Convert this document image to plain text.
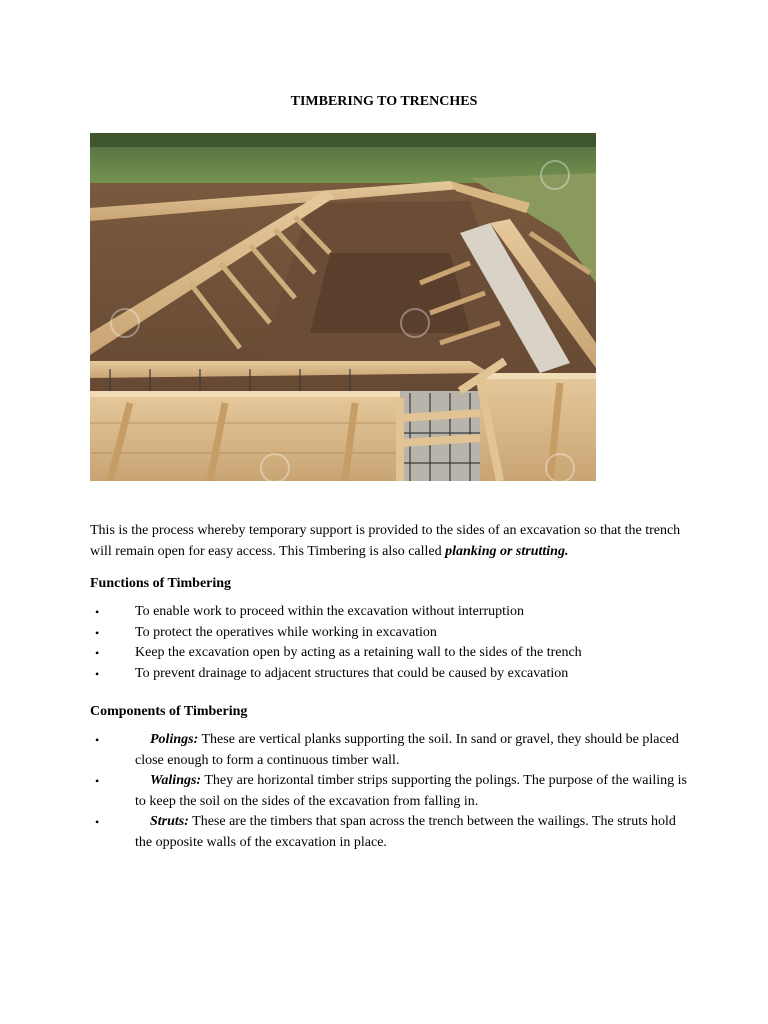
TIMBERING TO TRENCHES
This is the process whereby temporary support is provided to the sides of an excavation so that the trench will remain open for easy access. This Timbering is also called planking or strutting.
Functions of Timbering
•	To enable work to proceed within the excavation without interruption
•	To protect the operatives while working in excavation
•	Keep the excavation open by acting as a retaining wall to the sides of the trench
•	To prevent drainage to adjacent structures that could be caused by excavation
Components of Timbering
•	Polings: These are vertical planks supporting the soil. In sand or gravel, they should be placed close enough to form a continuous timber wall.
•	Walings: They are horizontal timber strips supporting the polings. The purpose of the wailing is to keep the soil on the sides of the excavation from falling in.
•	Struts: These are the timbers that span across the trench between the wailings. The struts hold the opposite walls of the excavation in place.
